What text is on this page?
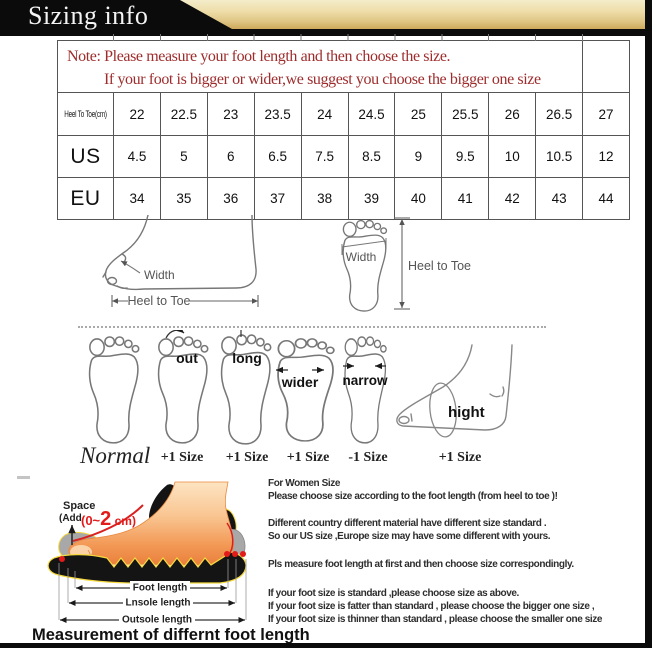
Sizing info
Note: Please measure your foot length and then choose the size.
If your foot is bigger or wider,we suggest you choose the bigger one size
Heel To Toe(cm)	22	22.5	23	23.5	24	24.5	25	25.5	26	26.5	27
US	4.5	5	6	6.5	7.5	8.5	9	9.5	10	10.5	12
EU	34	35	36	37	38	39	40	41	42	43	44
Width
Heel to Toe
Width
Heel to Toe
out long
wider narrow
hight
Normal +1 Size +1 Size +1 Size -1 Size	+1 Size
Space
(Add (0~2 cm)
Foot length
Lnsole length
Outsole length
Measurement of differnt foot length

For Women Size

Please choose size according to the foot length (from heel to toe )!

Different country different material have different size standard .

So our US size ,Europe size may have some different with yours.

Pls measure foot length at first and then choose size correspondingly.

If your foot size is standard ,please choose size as above.

If your foot size is fatter than standard , please choose the bigger one size ,

If your foot size is thinner than standard , please choose the smaller one size
